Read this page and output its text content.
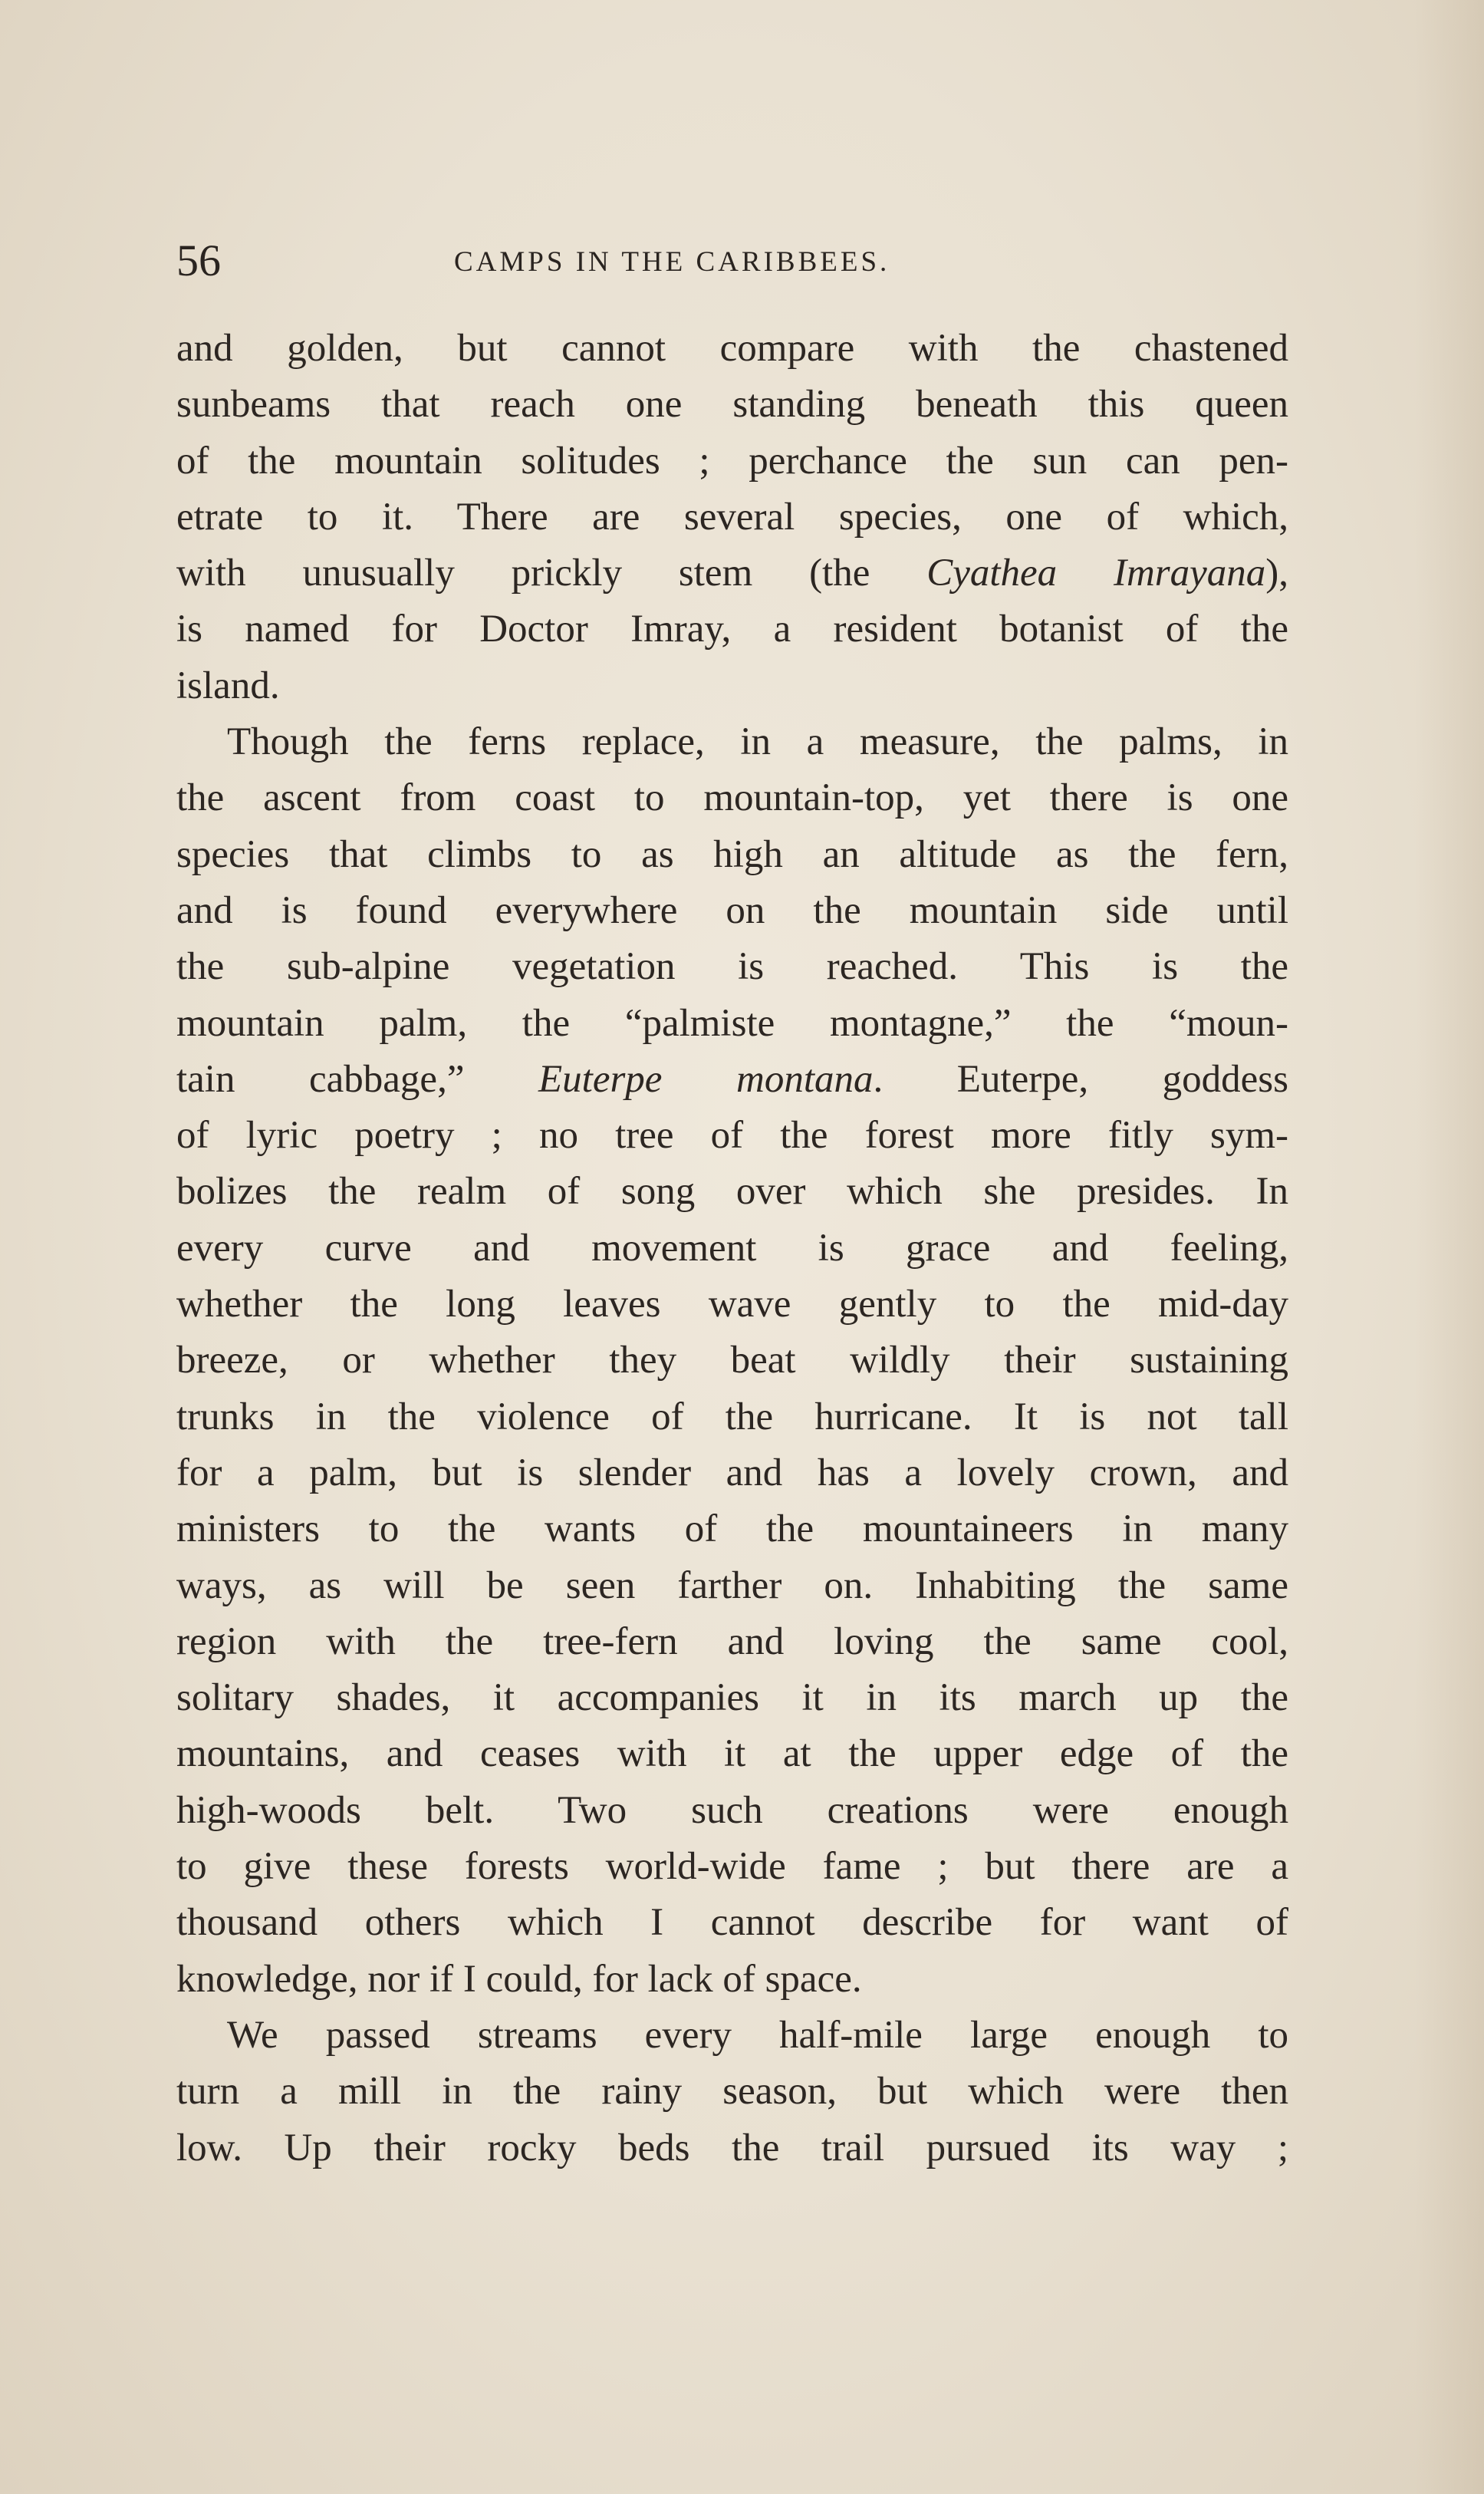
56	CAMPS IN THE CARIBBEES.
and golden, but cannot compare with the chastened
sunbeams that reach one standing beneath this queen
of the mountain solitudes ; perchance the sun can pen-
etrate to it. There are several species, one of which,
with unusually prickly stem (the Cyathea Imrayana),
is named for Doctor Imray, a resident botanist of the
island.
Though the ferns replace, in a measure, the palms, in
the ascent from coast to mountain-top, yet there is one
species that climbs to as high an altitude as the fern,
and is found everywhere on the mountain side until
the sub-alpine vegetation is reached. This is the
mountain palm, the “palmiste montagne,” the “moun-
tain cabbage,” Euterpe montana. Euterpe, goddess
of lyric poetry ; no tree of the forest more fitly sym-
bolizes the realm of song over which she presides. In
every curve and movement is grace and feeling,
whether the long leaves wave gently to the mid-day
breeze, or whether they beat wildly their sustaining
trunks in the violence of the hurricane. It is not tall
for a palm, but is slender and has a lovely crown, and
ministers to the wants of the mountaineers in many
ways, as will be seen farther on. Inhabiting the same
region with the tree-fern and loving the same cool,
solitary shades, it accompanies it in its march up the
mountains, and ceases with it at the upper edge of the
high-woods belt. Two such creations were enough
to give these forests world-wide fame ; but there are a
thousand others which I cannot describe for want of
knowledge, nor if I could, for lack of space.
We passed streams every half-mile large enough to
turn a mill in the rainy season, but which were then
low. Up their rocky beds the trail pursued its way ;
